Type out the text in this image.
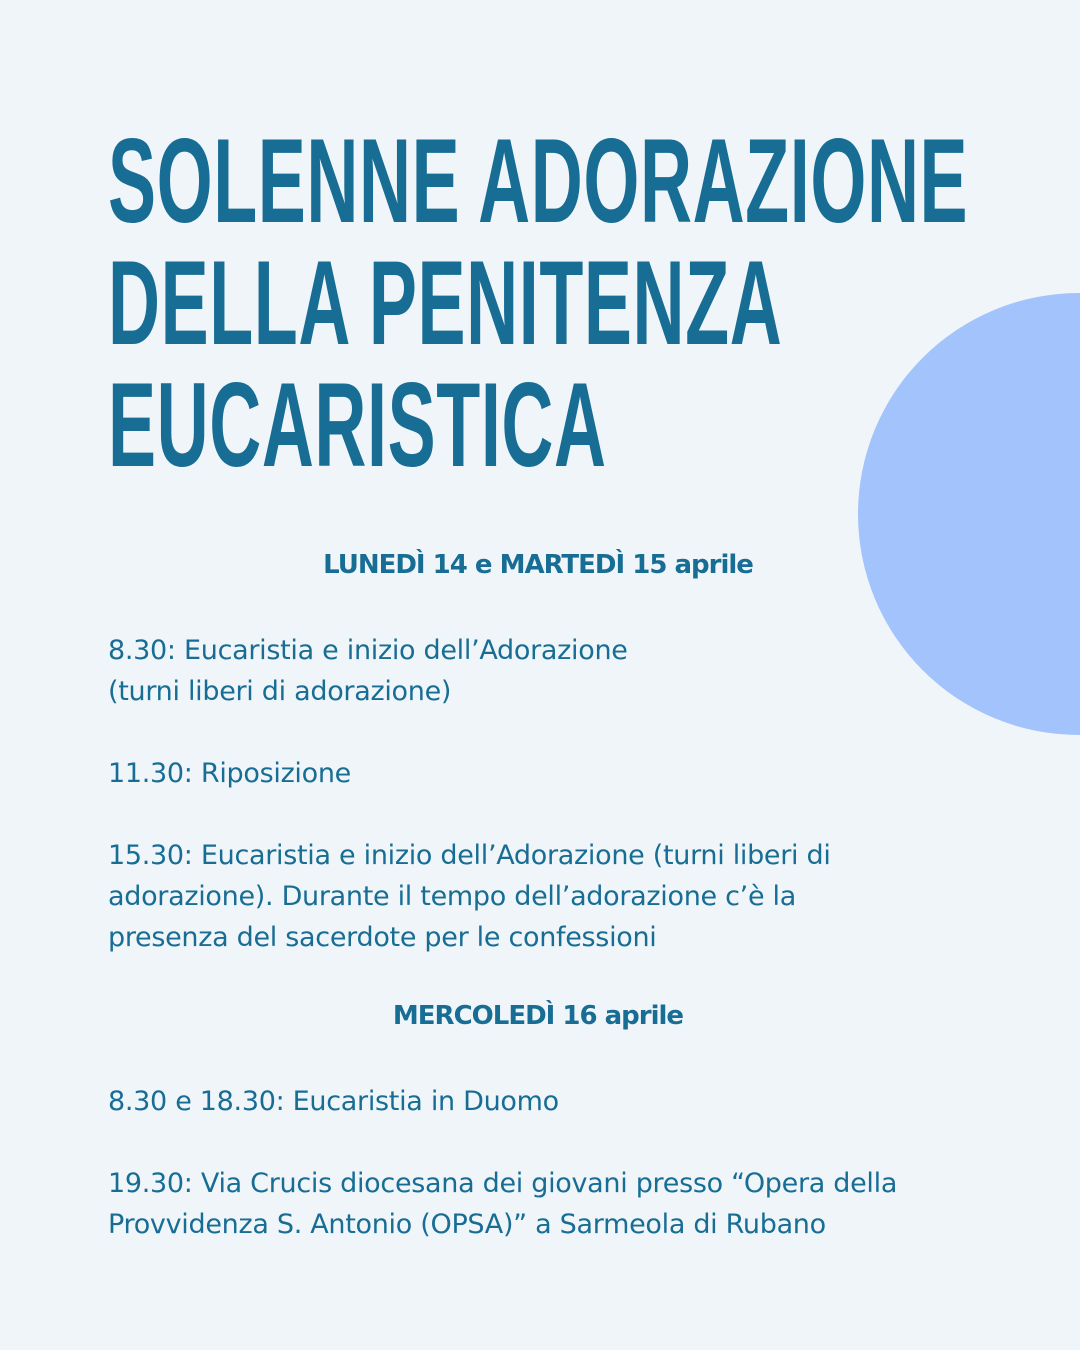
SOLENNE ADORAZIONE
DELLA PENITENZA
EUCARISTICA

LUNEDÌ 14 e MARTEDÌ 15 aprile

8.30: Eucaristia e inizio dell’Adorazione
(turni liberi di adorazione)

11.30: Riposizione

15.30: Eucaristia e inizio dell’Adorazione (turni liberi di
adorazione). Durante il tempo dell’adorazione c’è la
presenza del sacerdote per le confessioni

MERCOLEDÌ 16 aprile

8.30 e 18.30: Eucaristia in Duomo

19.30: Via Crucis diocesana dei giovani presso “Opera della
Provvidenza S. Antonio (OPSA)” a Sarmeola di Rubano
